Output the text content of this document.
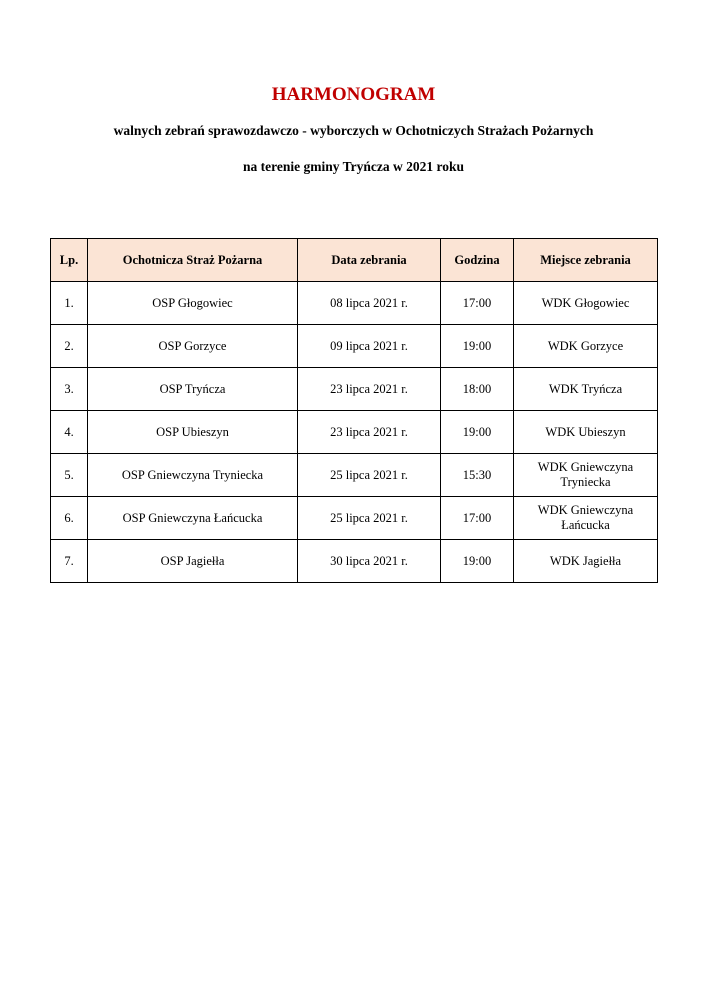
HARMONOGRAM
walnych zebrań sprawozdawczo - wyborczych w Ochotniczych Strażach Pożarnych
na terenie gminy Tryńcza w 2021 roku
Lp.	Ochotnicza Straż Pożarna	Data zebrania	Godzina	Miejsce zebrania
1.	OSP Głogowiec	08 lipca 2021 r.	17:00	WDK Głogowiec
2.	OSP Gorzyce	09 lipca 2021 r.	19:00	WDK Gorzyce
3.	OSP Tryńcza	23 lipca 2021 r.	18:00	WDK Tryńcza
4.	OSP Ubieszyn	23 lipca 2021 r.	19:00	WDK Ubieszyn
5.	OSP Gniewczyna Tryniecka	25 lipca 2021 r.	15:30	WDK Gniewczyna Tryniecka
6.	OSP Gniewczyna Łańcucka	25 lipca 2021 r.	17:00	WDK Gniewczyna Łańcucka
7.	OSP Jagiełła	30 lipca 2021 r.	19:00	WDK Jagiełła
